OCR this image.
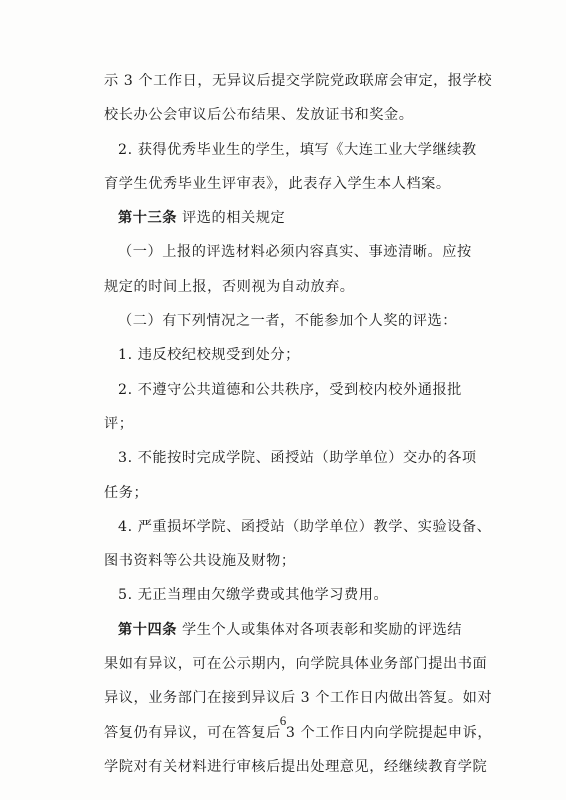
示 3 个工作日，无异议后提交学院党政联席会审定，报学校
校长办公会审议后公布结果、发放证书和奖金。
2. 获得优秀毕业生的学生，填写《大连工业大学继续教
育学生优秀毕业生评审表》，此表存入学生本人档案。
第十三条 评选的相关规定
（一）上报的评选材料必须内容真实、事迹清晰。应按
规定的时间上报，否则视为自动放弃。
（二）有下列情况之一者，不能参加个人奖的评选：
1. 违反校纪校规受到处分；
2. 不遵守公共道德和公共秩序，受到校内校外通报批
评；
3. 不能按时完成学院、函授站（助学单位）交办的各项
任务；
4. 严重损坏学院、函授站（助学单位）教学、实验设备、
图书资料等公共设施及财物；
5. 无正当理由欠缴学费或其他学习费用。
第十四条 学生个人或集体对各项表彰和奖励的评选结
果如有异议，可在公示期内，向学院具体业务部门提出书面
异议，业务部门在接到异议后 3 个工作日内做出答复。如对
答复仍有异议，可在答复后 3 个工作日内向学院提起申诉，
学院对有关材料进行审核后提出处理意见，经继续教育学院
6
